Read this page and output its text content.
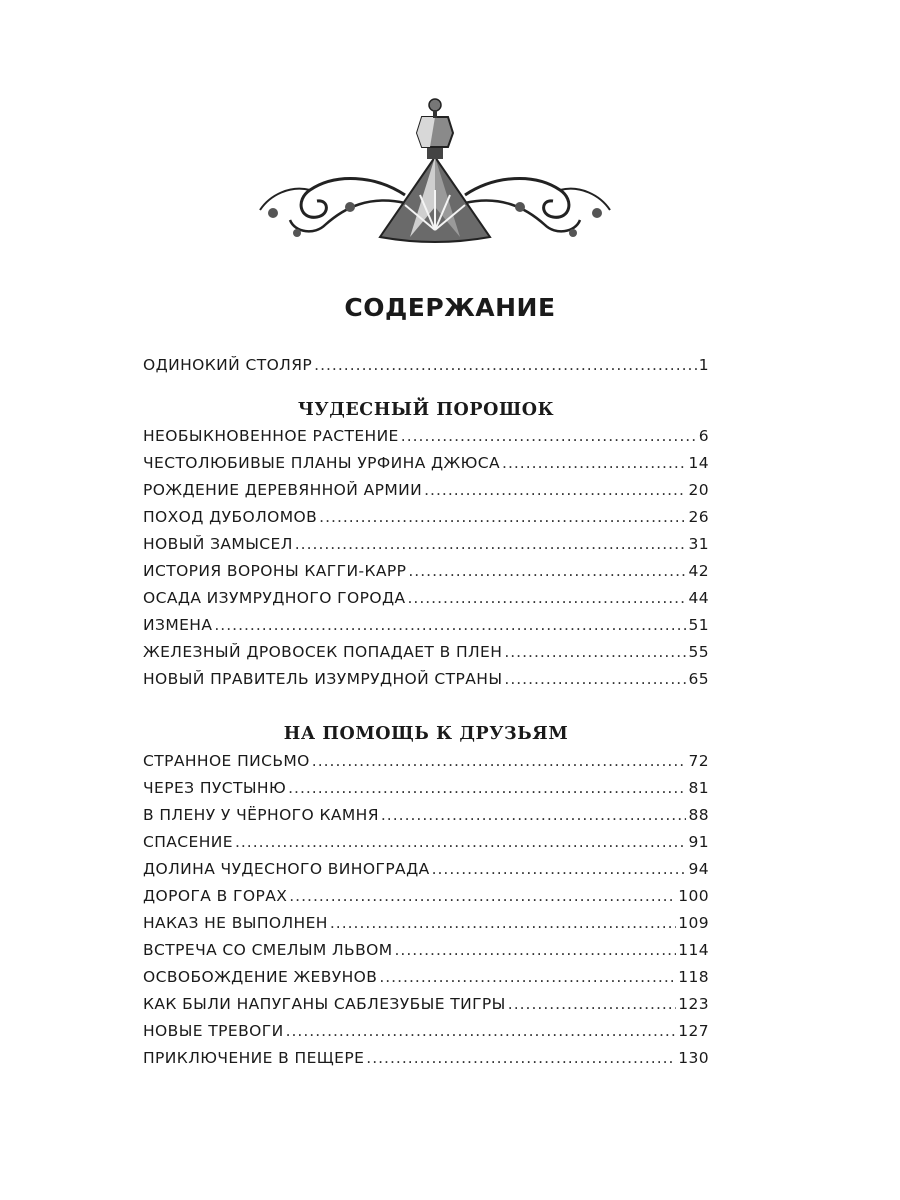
СОДЕРЖАНИЕ
ОДИНОКИЙ СТОЛЯР .....	1
ЧУДЕСНЫЙ ПОРОШОК
НЕОБЫКНОВЕННОЕ РАСТЕНИЕ .....	6
ЧЕСТОЛЮБИВЫЕ ПЛАНЫ УРФИНА ДЖЮСА .....	14
РОЖДЕНИЕ ДЕРЕВЯННОЙ АРМИИ .....	20
ПОХОД ДУБОЛОМОВ .....	26
НОВЫЙ ЗАМЫСЕЛ .....	31
ИСТОРИЯ ВОРОНЫ КАГГИ-КАРР .....	42
ОСАДА ИЗУМРУДНОГО ГОРОДА .....	44
ИЗМЕНА .....	51
ЖЕЛЕЗНЫЙ ДРОВОСЕК ПОПАДАЕТ В ПЛЕН .....	55
НОВЫЙ ПРАВИТЕЛЬ ИЗУМРУДНОЙ СТРАНЫ .....	65
НА ПОМОЩЬ К ДРУЗЬЯМ
СТРАННОЕ ПИСЬМО .....	72
ЧЕРЕЗ ПУСТЫНЮ .....	81
В ПЛЕНУ У ЧЁРНОГО КАМНЯ .....	88
СПАСЕНИЕ .....	91
ДОЛИНА ЧУДЕСНОГО ВИНОГРАДА .....	94
ДОРОГА В ГОРАХ .....	100
НАКАЗ НЕ ВЫПОЛНЕН .....	109
ВСТРЕЧА СО СМЕЛЫМ ЛЬВОМ .....	114
ОСВОБОЖДЕНИЕ ЖЕВУНОВ .....	118
КАК БЫЛИ НАПУГАНЫ САБЛЕЗУБЫЕ ТИГРЫ .....	123
НОВЫЕ ТРЕВОГИ .....	127
ПРИКЛЮЧЕНИЕ В ПЕЩЕРЕ .....	130
